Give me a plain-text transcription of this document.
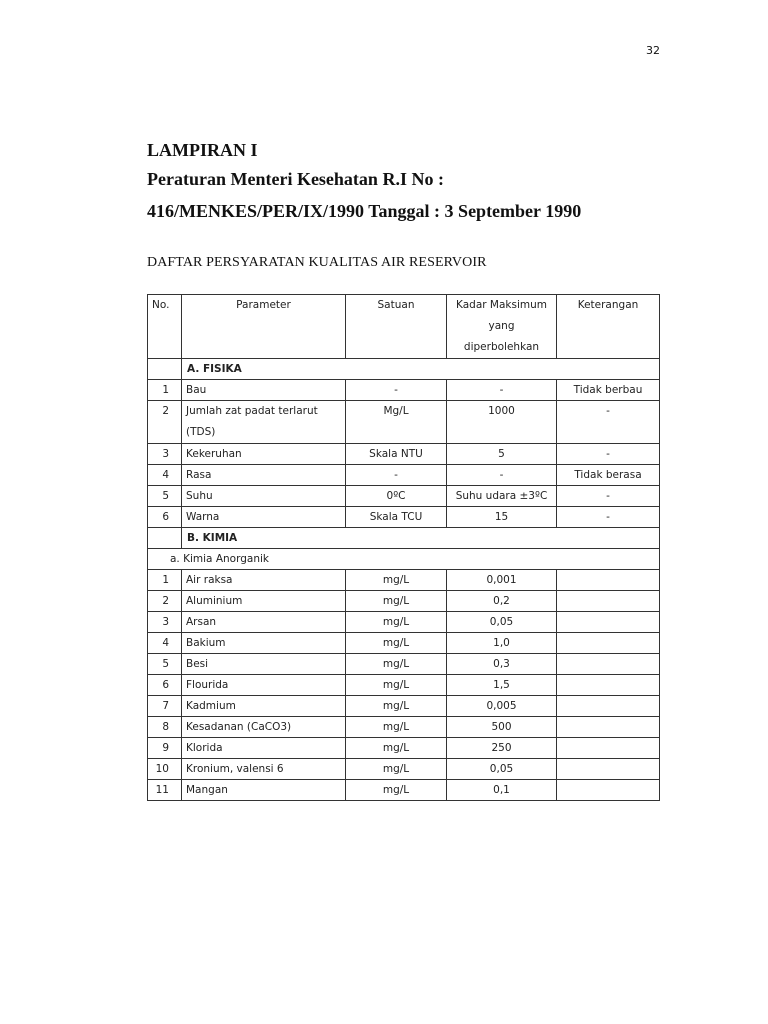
32
LAMPIRAN I
Peraturan Menteri Kesehatan R.I No :
416/MENKES/PER/IX/1990 Tanggal : 3 September 1990
DAFTAR PERSYARATAN KUALITAS AIR RESERVOIR
No.	Parameter	Satuan	Kadar Maksimum yang diperbolehkan	Keterangan
	A. FISIKA			
1	Bau	-	-	Tidak berbau
2	Jumlah zat padat terlarut (TDS)	Mg/L	1000	-
3	Kekeruhan	Skala NTU	5	-
4	Rasa	-	-	Tidak berasa
5	Suhu	0ºC	Suhu udara ±3ºC	-
6	Warna	Skala TCU	15	-
	B. KIMIA			
a. Kimia Anorganik				
1	Air raksa	mg/L	0,001	
2	Aluminium	mg/L	0,2	
3	Arsan	mg/L	0,05	
4	Bakium	mg/L	1,0	
5	Besi	mg/L	0,3	
6	Flourida	mg/L	1,5	
7	Kadmium	mg/L	0,005	
8	Kesadanan (CaCO3)	mg/L	500	
9	Klorida	mg/L	250	
10	Kronium, valensi 6	mg/L	0,05	
11	Mangan	mg/L	0,1	
